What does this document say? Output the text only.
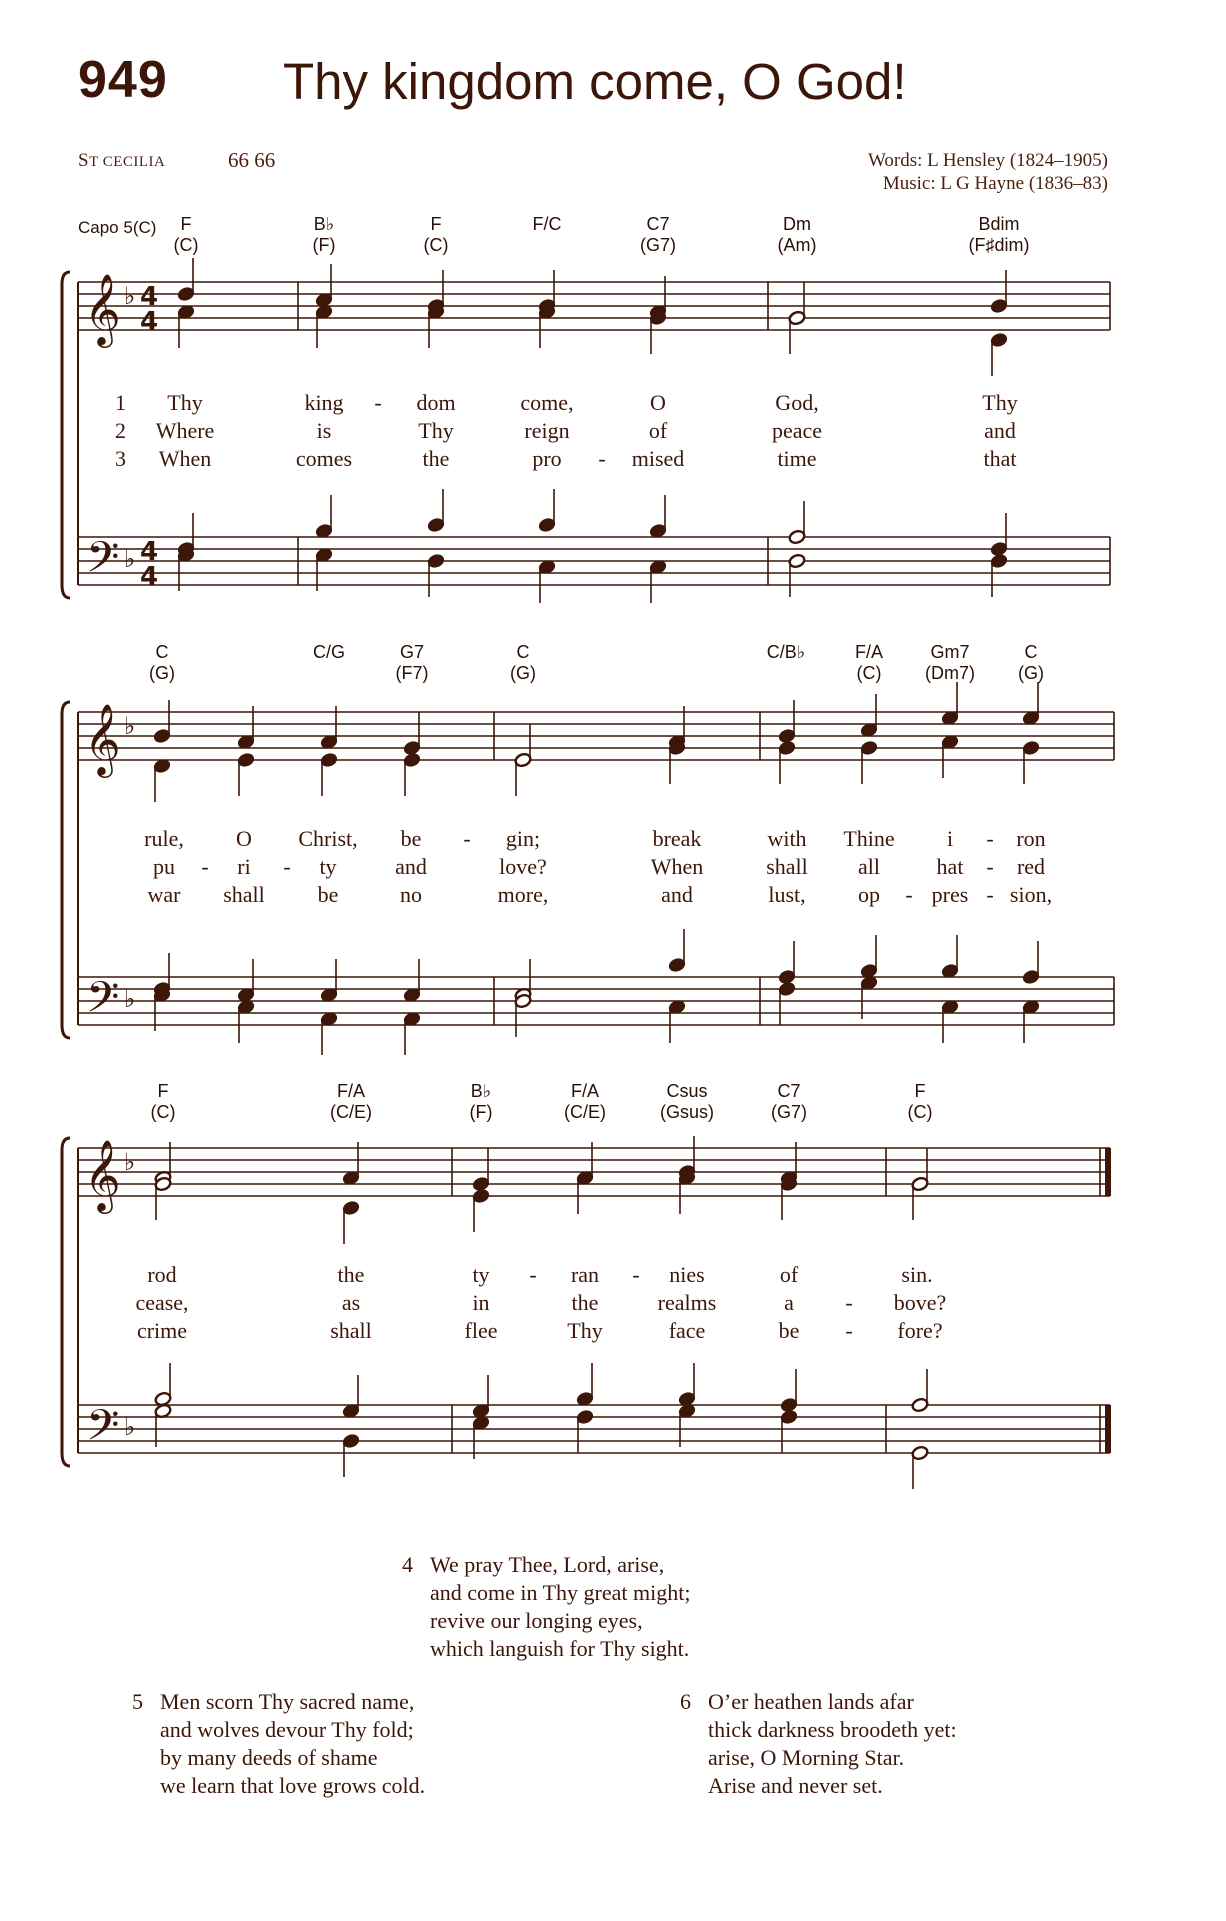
949 Thy kingdom come, O God!
ST CECILIA	66 66	Words: L Hensley (1824–1905)
Music: L G Hayne (1836–83)
Capo 5(C)	F
(C)
B♭
(F)
F
(C)
F/C	C7
(G7)
Dm
(Am)
Bdim
(F♯dim)
C
(G)
C/G	G7
(F7)
C
(G)
C/B♭	F/A
(C)
Gm7
(Dm7)
C
(G)
F
(C)
F/A
(C/E)
B♭
(F)
F/A
(C/E)
Csus
(Gsus)
C7
(G7)
F
(C)
𝄞
𝄢
𝄞
𝄢
𝄞
𝄢
♭
♭
♭
♭
♭
♭
4
4
4
4
1
2
3
Thy	king - dom	come,	O	God,	Thy
Where	is	Thy	reign	of	peace	and
When	comes	the	pro - mised	time	that
rule, O Christ, be - gin;	break	with Thine i - ron
pu - ri - ty	and	love?	When	shall all	hat - red
war shall be	no	more,	and	lust, op - pres - sion,
rod	the	ty - ran - nies	of	sin.
cease,	as	in	the	realms	a - bove?
crime	shall	flee	Thy	face	be - fore?
4 We pray Thee, Lord, arise,
and come in Thy great might;
revive our longing eyes,
which languish for Thy sight.
5 Men scorn Thy sacred name,
and wolves devour Thy fold;
by many deeds of shame
we learn that love grows cold.
6 O’er heathen lands afar
thick darkness broodeth yet:
arise, O Morning Star.
Arise and never set.
